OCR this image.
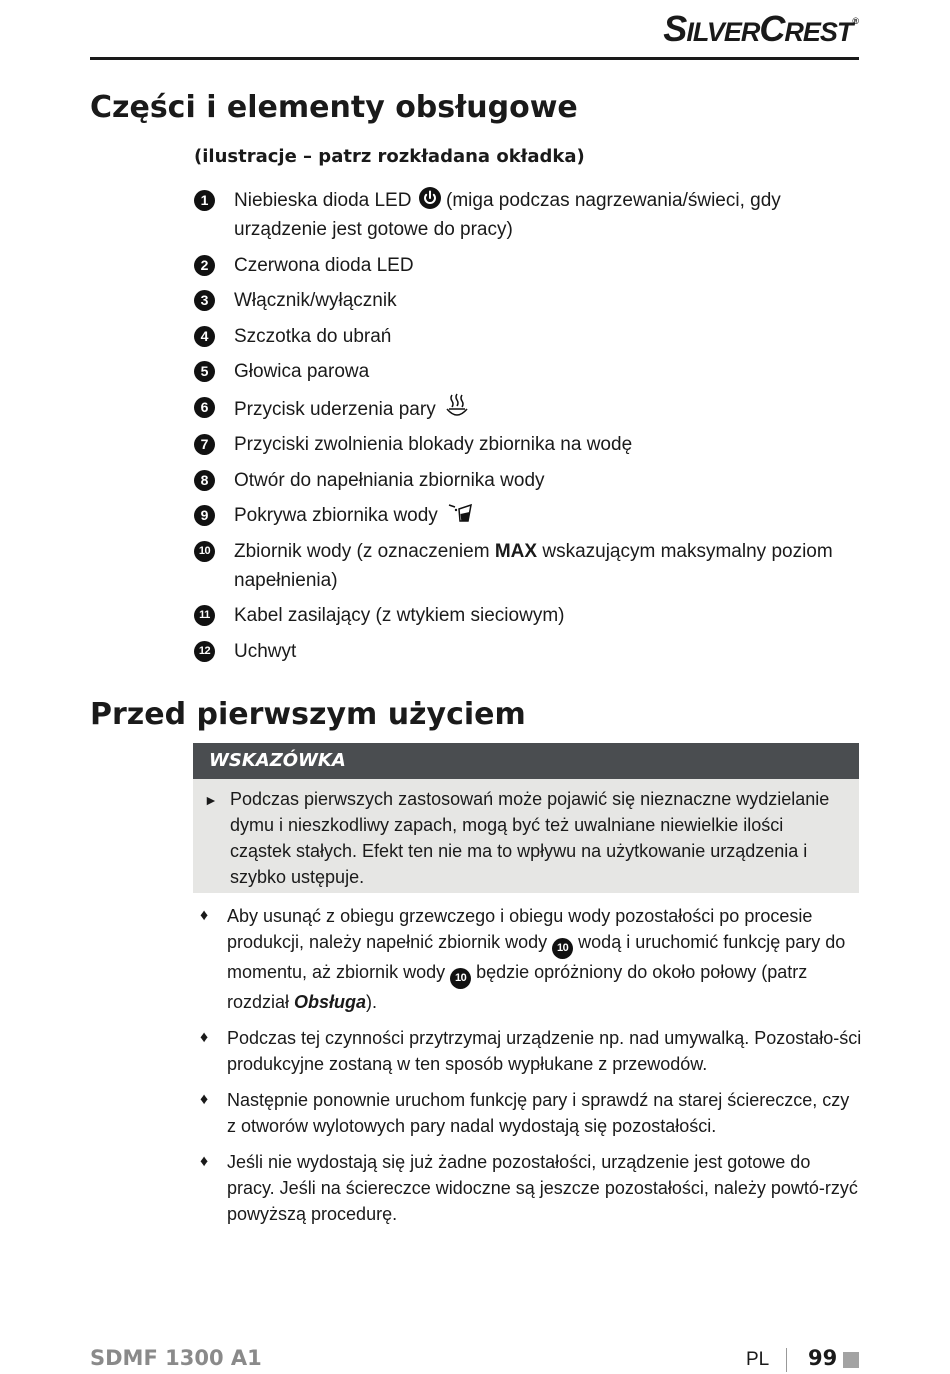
SILVERCREST®
Części i elementy obsługowe

(ilustracje – patrz rozkładana okładka)

1	Niebieska dioda LED  (miga podczas nagrzewania/świeci, gdy urządzenie jest gotowe do pracy)
2	Czerwona dioda LED
3	Włącznik/wyłącznik
4	Szczotka do ubrań
5	Głowica parowa
6	Przycisk uderzenia pary
7	Przyciski zwolnienia blokady zbiornika na wodę
8	Otwór do napełniania zbiornika wody
9	Pokrywa zbiornika wody
10 Zbiornik wody (z oznaczeniem MAX wskazującym maksymalny poziom napełnienia)
11 Kabel zasilający (z wtykiem sieciowym)
12 Uchwyt
Przed pierwszym użyciem
WSKAZÓWKA
► Podczas pierwszych zastosowań może pojawić się nieznaczne wydzielanie dymu i nieszkodliwy zapach, mogą być też uwalniane niewielkie ilości cząstek stałych. Efekt ten nie ma to wpływu na użytkowanie urządzenia i szybko ustępuje.
♦ Aby usunąć z obiegu grzewczego i obiegu wody pozostałości po procesie produkcji, należy napełnić zbiornik wody 10 wodą i uruchomić funkcję pary do momentu, aż zbiornik wody 10 będzie opróżniony do około połowy (patrz rozdział Obsługa).
♦ Podczas tej czynności przytrzymaj urządzenie np. nad umywalką. Pozostało-ści produkcyjne zostaną w ten sposób wypłukane z przewodów.
♦ Następnie ponownie uruchom funkcję pary i sprawdź na starej ściereczce, czy z otworów wylotowych pary nadal wydostają się pozostałości.
♦ Jeśli nie wydostają się już żadne pozostałości, urządzenie jest gotowe do pracy. Jeśli na ściereczce widoczne są jeszcze pozostałości, należy powtó-rzyć powyższą procedurę.
SDMF 1300 A1	PL 99
